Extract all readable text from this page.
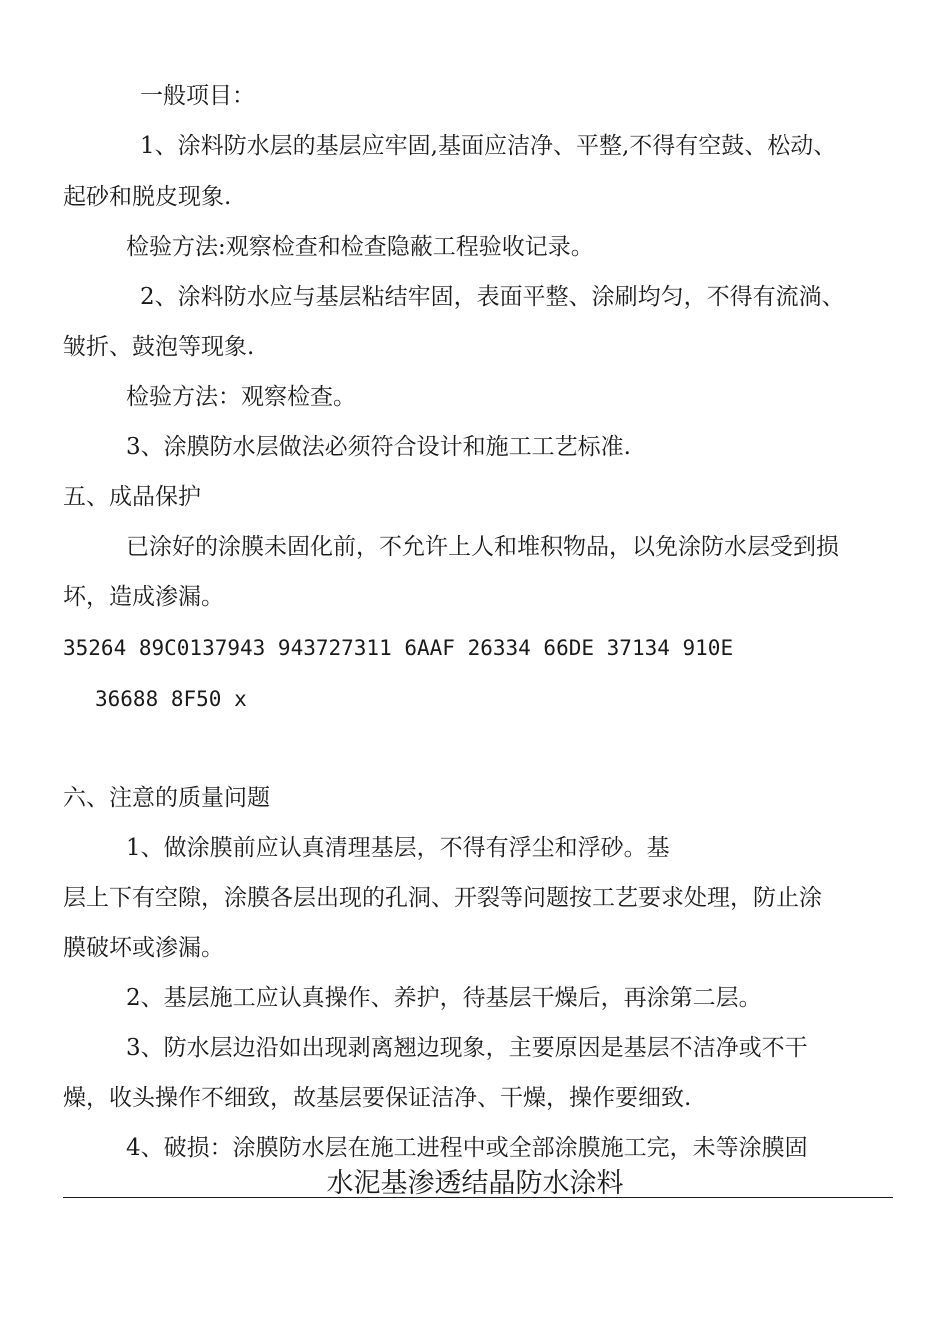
一般项目：
1、涂料防水层的基层应牢固,基面应洁净、平整,不得有空鼓、松动、
起砂和脱皮现象.
检验方法:观察检查和检查隐蔽工程验收记录。
2、涂料防水应与基层粘结牢固，表面平整、涂刷均匀，不得有流淌、
皱折、鼓泡等现象.
检验方法：观察检查。
3、涂膜防水层做法必须符合设计和施工工艺标准.
五、成品保护
已涂好的涂膜未固化前，不允许上人和堆积物品，以免涂防水层受到损
坏，造成渗漏。
35264 89C0137943 943727311 6AAF 26334 66DE 37134 910E
36688 8F50 x
六、注意的质量问题
1、做涂膜前应认真清理基层，不得有浮尘和浮砂。基
层上下有空隙，涂膜各层出现的孔洞、开裂等问题按工艺要求处理，防止涂
膜破坏或渗漏。
2、基层施工应认真操作、养护，待基层干燥后，再涂第二层。
3、防水层边沿如出现剥离翘边现象，主要原因是基层不洁净或不干
燥，收头操作不细致，故基层要保证洁净、干燥，操作要细致.
4、破损：涂膜防水层在施工进程中或全部涂膜施工完，未等涂膜固
水泥基渗透结晶防水涂料
